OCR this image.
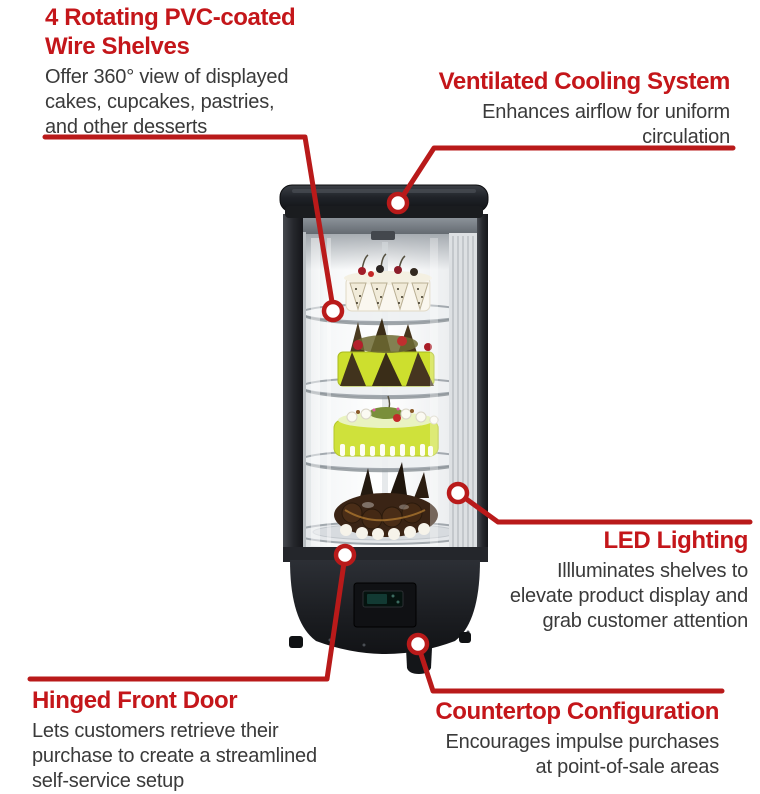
4 Rotating PVC-coated
Wire Shelves
Offer 360° view of displayed
cakes, cupcakes, pastries,
and other desserts
Ventilated Cooling System
Enhances airflow for uniform
circulation
LED Lighting
Illluminates shelves to
elevate product display and
grab customer attention
Hinged Front Door
Lets customers retrieve their
purchase to create a streamlined
self-service setup
Countertop Configuration
Encourages impulse purchases
at point-of-sale areas
